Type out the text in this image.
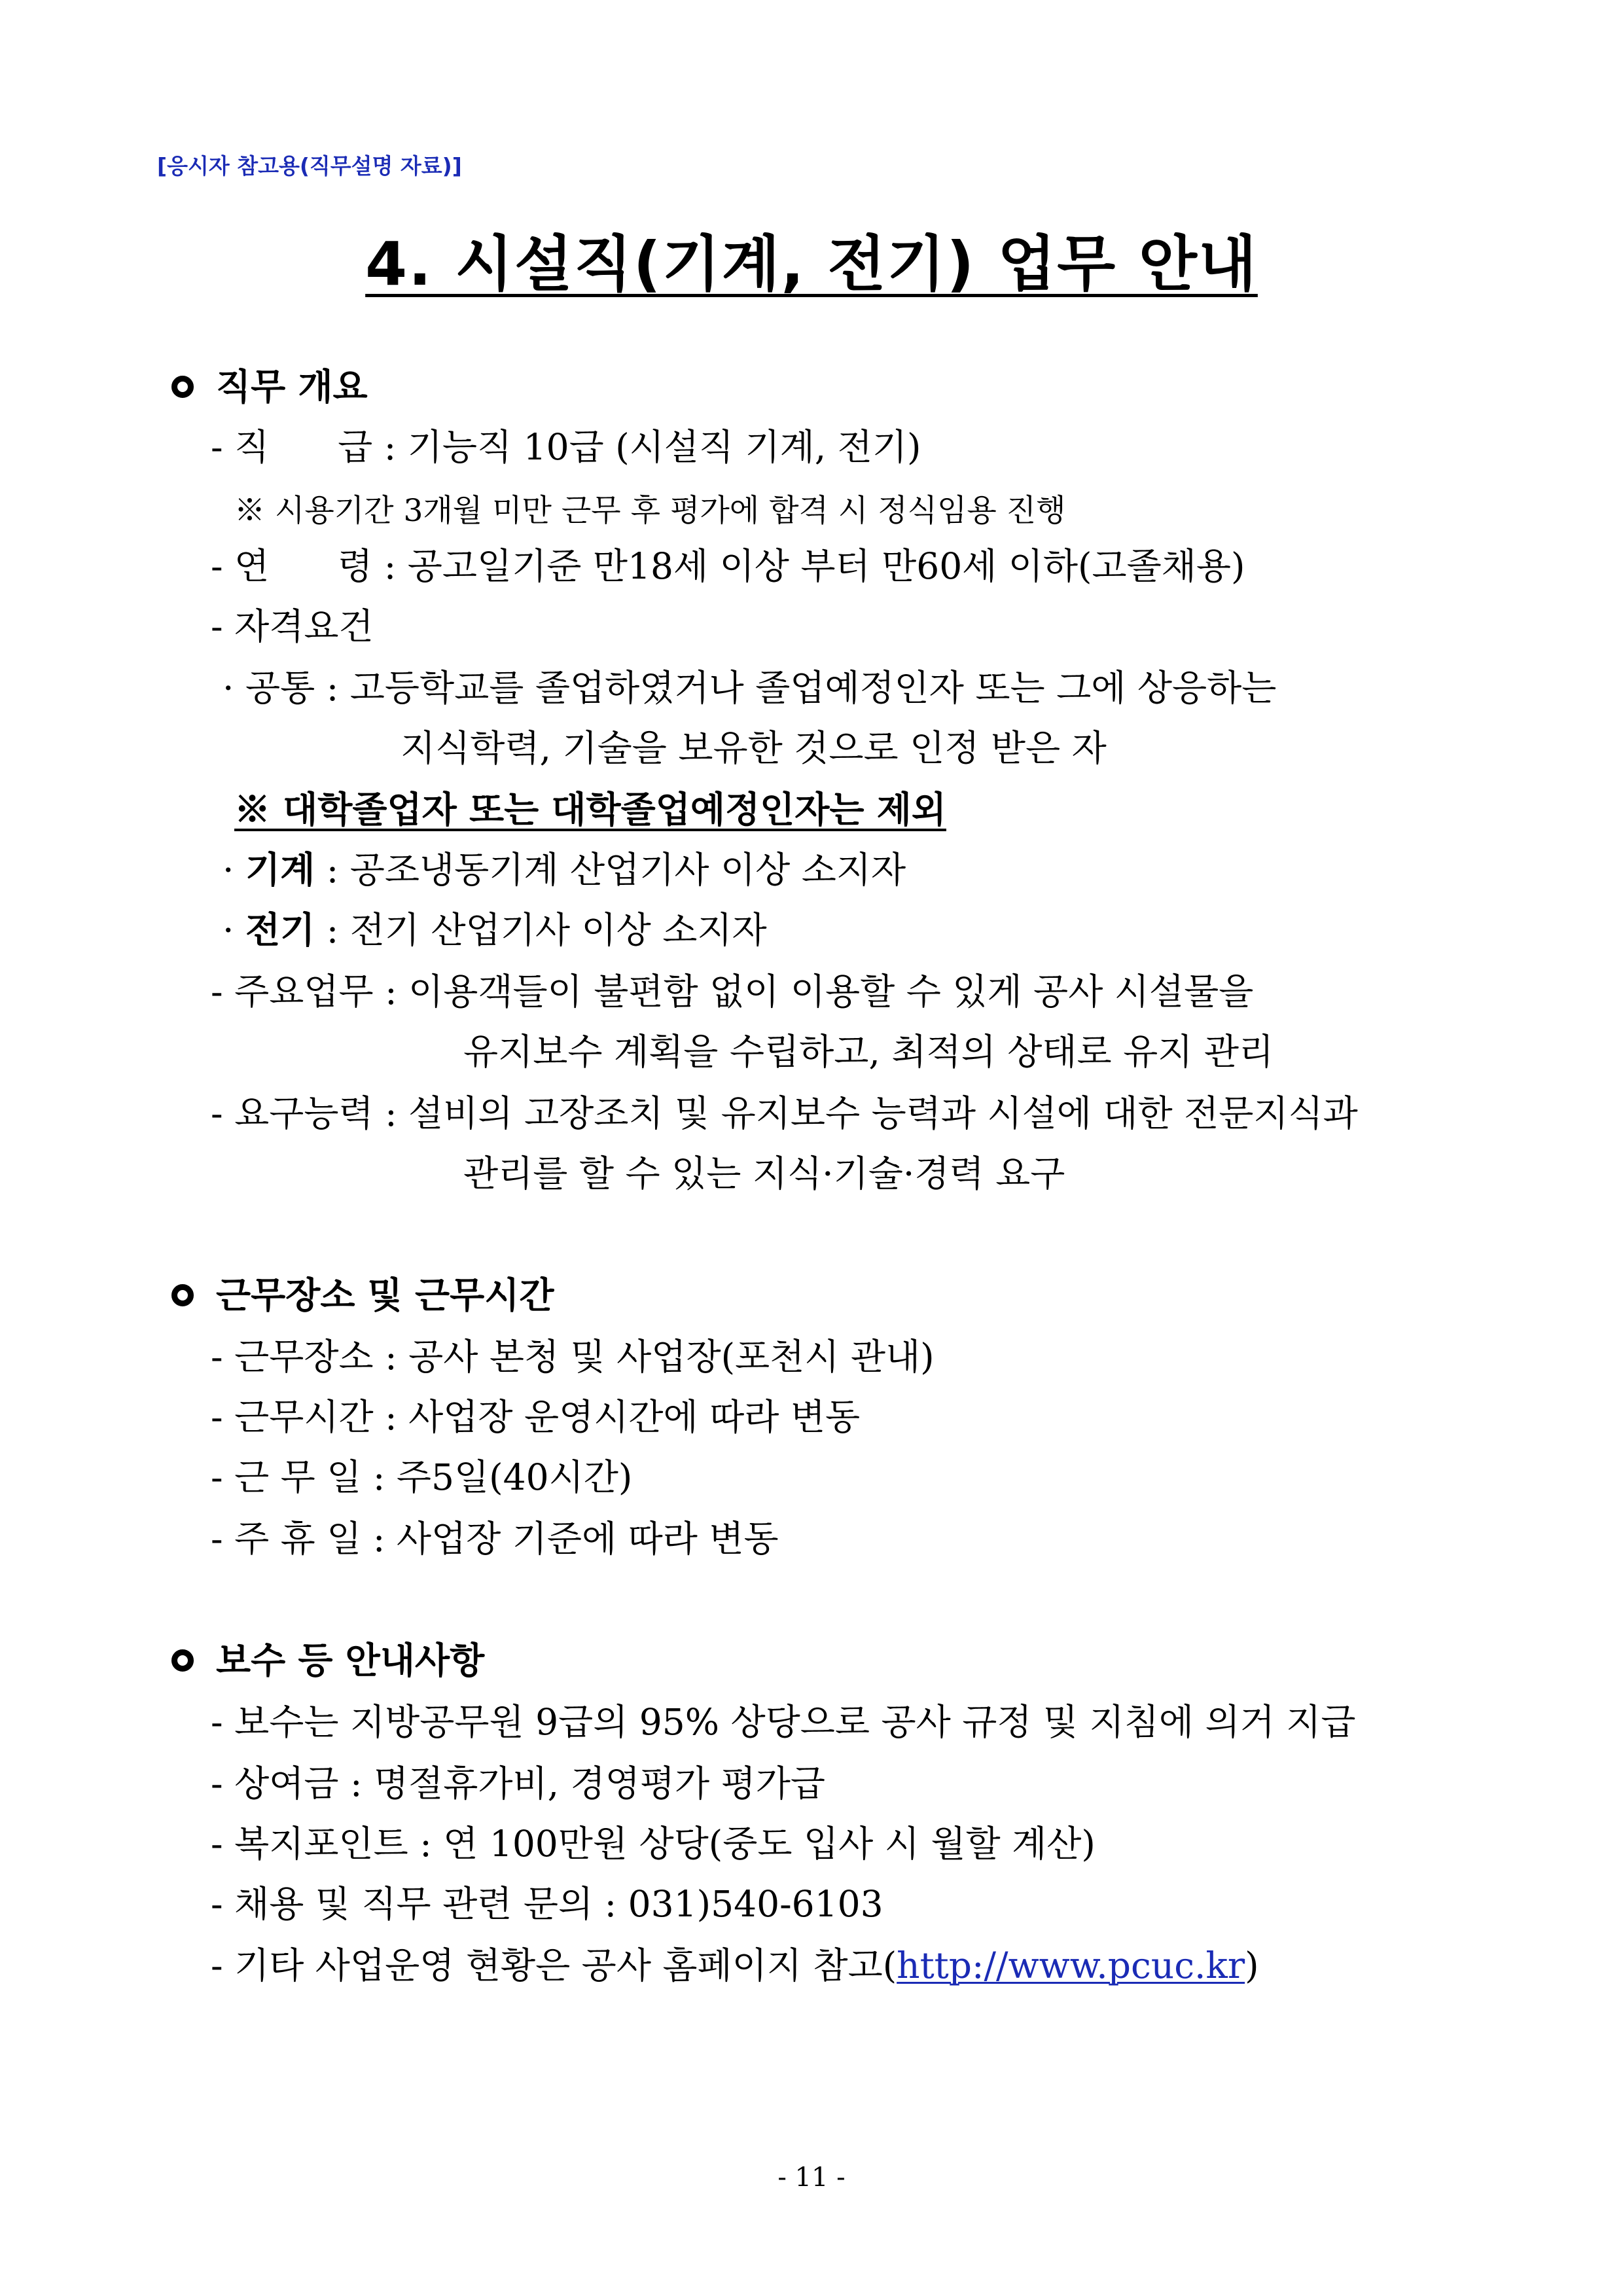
[응시자 참고용(직무설명 자료)]
4. 시설직(기계, 전기) 업무 안내
직무 개요
- 직      급 : 기능직 10급 (시설직 기계, 전기)
※ 시용기간 3개월 미만 근무 후 평가에 합격 시 정식임용 진행
- 연      령 : 공고일기준 만18세 이상 부터 만60세 이하(고졸채용)
- 자격요건
· 공통 : 고등학교를 졸업하였거나 졸업예정인자 또는 그에 상응하는
지식학력, 기술을 보유한 것으로 인정 받은 자
※ 대학졸업자 또는 대학졸업예정인자는 제외
· 기계 : 공조냉동기계 산업기사 이상 소지자
· 전기 : 전기 산업기사 이상 소지자
- 주요업무 : 이용객들이 불편함 없이 이용할 수 있게 공사 시설물을
유지보수 계획을 수립하고, 최적의 상태로 유지 관리
- 요구능력 : 설비의 고장조치 및 유지보수 능력과 시설에 대한 전문지식과
관리를 할 수 있는 지식·기술·경력 요구
근무장소 및 근무시간
- 근무장소 : 공사 본청 및 사업장(포천시 관내)
- 근무시간 : 사업장 운영시간에 따라 변동
- 근 무 일 : 주5일(40시간)
- 주 휴 일 : 사업장 기준에 따라 변동
보수 등 안내사항
- 보수는 지방공무원 9급의 95% 상당으로 공사 규정 및 지침에 의거 지급
- 상여금 : 명절휴가비, 경영평가 평가급
- 복지포인트 : 연 100만원 상당(중도 입사 시 월할 계산)
- 채용 및 직무 관련 문의 : 031)540-6103
- 기타 사업운영 현황은 공사 홈페이지 참고(http://www.pcuc.kr)
- 11 -
